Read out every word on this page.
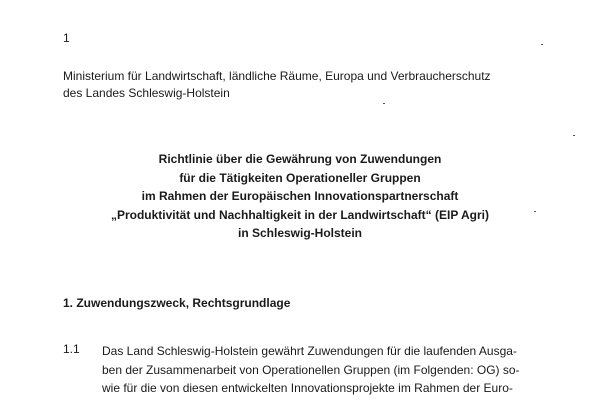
1
Ministerium für Landwirtschaft, ländliche Räume, Europa und Verbraucherschutz
des Landes Schleswig-Holstein
Richtlinie über die Gewährung von Zuwendungen
für die Tätigkeiten Operationeller Gruppen
im Rahmen der Europäischen Innovationspartnerschaft
„Produktivität und Nachhaltigkeit in der Landwirtschaft“ (EIP Agri)
in Schleswig-Holstein
1. Zuwendungszweck, Rechtsgrundlage
1.1 Das Land Schleswig-Holstein gewährt Zuwendungen für die laufenden Ausga-
ben der Zusammenarbeit von Operationellen Gruppen (im Folgenden: OG) so-
wie für die von diesen entwickelten Innovationsprojekte im Rahmen der Euro-
